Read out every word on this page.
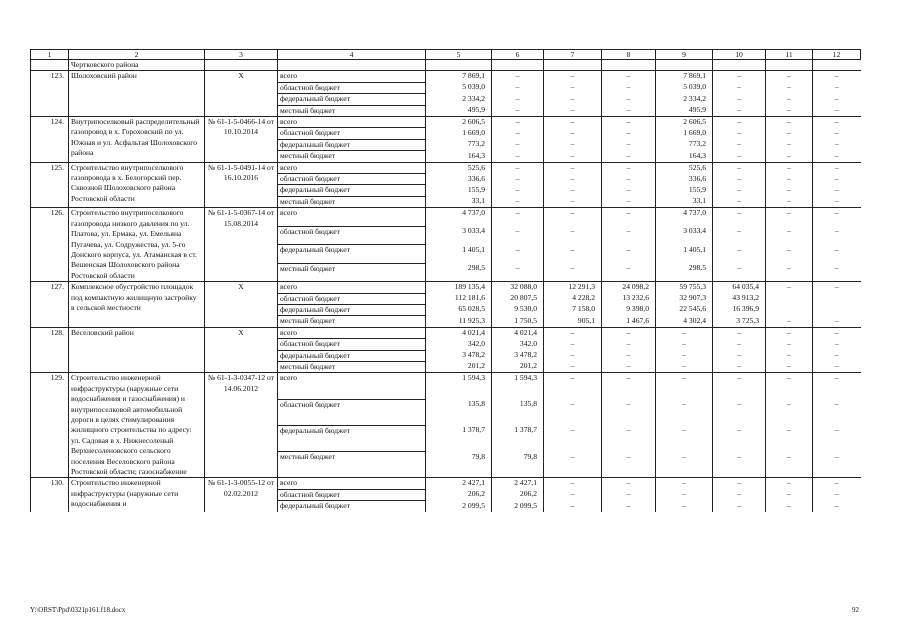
1	2	3	4	5	6	7	8	9	10	11	12
	Чертковского района										
123.	Шолоховский район	X	всего	7 869,1	–	–	–	7 869,1	–	–	–
			областной бюджет	5 039,0	–	–	–	5 039,0	–	–	–
			федеральный бюджет	2 334,2	–	–	–	2 334,2	–	–	–
			местный бюджет	495,9	–	–	–	495,9	–	–	–
124.	Внутрипоселковый распределительный газопровод в х. Гороховский по ул. Южная и ул. Асфальтая Шолоховского района	№ 61-1-5-0466-14 от 10.10.2014	всего	2 606,5	–	–	–	2 606,5	–	–	–
			областной бюджет	1 669,0	–	–	–	1 669,0	–	–	–
			федеральный бюджет	773,2	–	–	–	773,2	–	–	–
			местный бюджет	164,3	–	–	–	164,3	–	–	–
125.	Строительство внутрипоселкового газопровода в х. Белогорский пер. Сквозной Шолоховского района Ростовской области	№ 61-1-5-0491-14 от 16.10.2016	всего	525,6	–	–	–	525,6	–	–	–
			областной бюджет	336,6	–	–	–	336,6	–	–	–
			федеральный бюджет	155,9	–	–	–	155,9	–	–	–
			местный бюджет	33,1	–	–	–	33,1	–	–	–
126.	Строительство внутрипоселкового газопровода низкого давления по ул. Платова, ул. Ермака, ул. Емельяна Пугачева, ул. Содружества, ул. 5-го Донского корпуса, ул. Атаманская в ст. Вешенская Шолоховского района Ростовской области	№ 61-1-5-0367-14 от 15.08.2014	всего	4 737,0	–	–	–	4 737,0	–	–	–
			областной бюджет	3 033,4	–	–	–	3 033,4	–	–	–
			федеральный бюджет	1 405,1	–	–	–	1 405,1	–	–	–
			местный бюджет	298,5	–	–	–	298,5	–	–	–
127.	Комплексное обустройство площадок под компактную жилищную застройку в сельской местности	X	всего	189 135,4	32 088,0	12 291,3	24 098,2	59 755,3	64 035,4	–	–
			областной бюджет	112 181,6	20 807,5	4 228,2	13 232,6	32 907,3	43 913,2		
			федеральный бюджет	65 028,5	9 530,0	7 158,0	9 398,0	22 545,6	16 396,9		
			местный бюджет	11 925,3	1 750,5	905,1	1 467,6	4 302,4	3 725,3	–	–
128.	Веселовский район	X	всего	4 021,4	4 021,4	–	–	–	–	–	–
			областной бюджет	342,0	342,0	–	–	–	–	–	–
			федеральный бюджет	3 478,2	3 478,2	–	–	–	–	–	–
			местный бюджет	201,2	201,2	–	–	–	–	–	–
129.	Строительство инженерной инфраструктуры (наружные сети водоснабжения и газоснабжения) и внутрипоселковой автомобильной дороги в целях стимулирования жилищного строительства по адресу: ул. Садовая в х. Нижнесоленый Верхнесоленовского сельского поселения Веселовского района Ростовской области; газоснабжение	№ 61-1-3-0347-12 от 14.06.2012	всего	1 594,3	1 594,3	–	–	–	–	–	–
			областной бюджет	135,8	135,8	–	–	–	–	–	–
			федеральный бюджет	1 378,7	1 378,7	–	–	–	–	–	–
			местный бюджет	79,8	79,8	–	–	–	–	–	–
130.	Строительство инженерной инфраструктуры (наружные сети водоснабжения и	№ 61-1-3-0055-12 от 02.02.2012	всего	2 427,1	2 427,1	–	–	–	–	–	–
			областной бюджет	206,2	206,2	–	–	–	–	–	–
			федеральный бюджет	2 099,5	2 099,5	–	–	–	–	–	–
Y:\ORST\Ppd\0321p161.f18.docx	92
